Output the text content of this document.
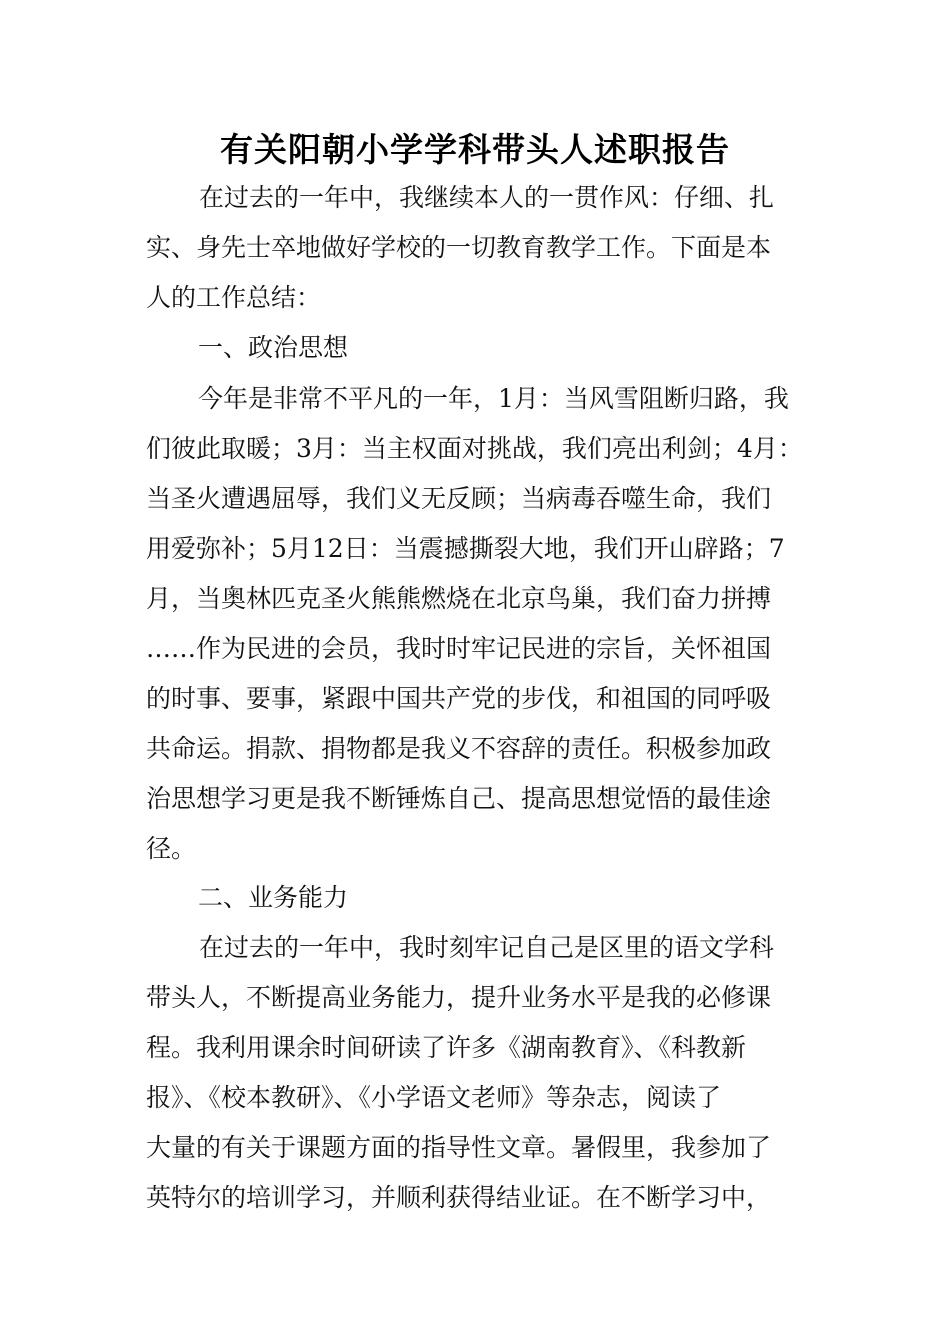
有关阳朝小学学科带头人述职报告

在过去的一年中，我继续本人的一贯作风：仔细、扎

实、身先士卒地做好学校的一切教育教学工作。下面是本

人的工作总结：

一、政治思想

今年是非常不平凡的一年，1月：当风雪阻断归路，我

们彼此取暖；3月：当主权面对挑战，我们亮出利剑；4月：

当圣火遭遇屈辱，我们义无反顾；当病毒吞噬生命，我们

用爱弥补；5月12日：当震撼撕裂大地，我们开山辟路；7

月，当奥林匹克圣火熊熊燃烧在北京鸟巢，我们奋力拼搏

……作为民进的会员，我时时牢记民进的宗旨，关怀祖国

的时事、要事，紧跟中国共产党的步伐，和祖国的同呼吸

共命运。捐款、捐物都是我义不容辞的责任。积极参加政

治思想学习更是我不断锤炼自己、提高思想觉悟的最佳途

径。

二、业务能力

在过去的一年中，我时刻牢记自己是区里的语文学科

带头人，不断提高业务能力，提升业务水平是我的必修课

程。我利用课余时间研读了许多《湖南教育》、《科教新

报》、《校本教研》、《小学语文老师》等杂志，阅读了

大量的有关于课题方面的指导性文章。暑假里，我参加了

英特尔的培训学习，并顺利获得结业证。在不断学习中，
